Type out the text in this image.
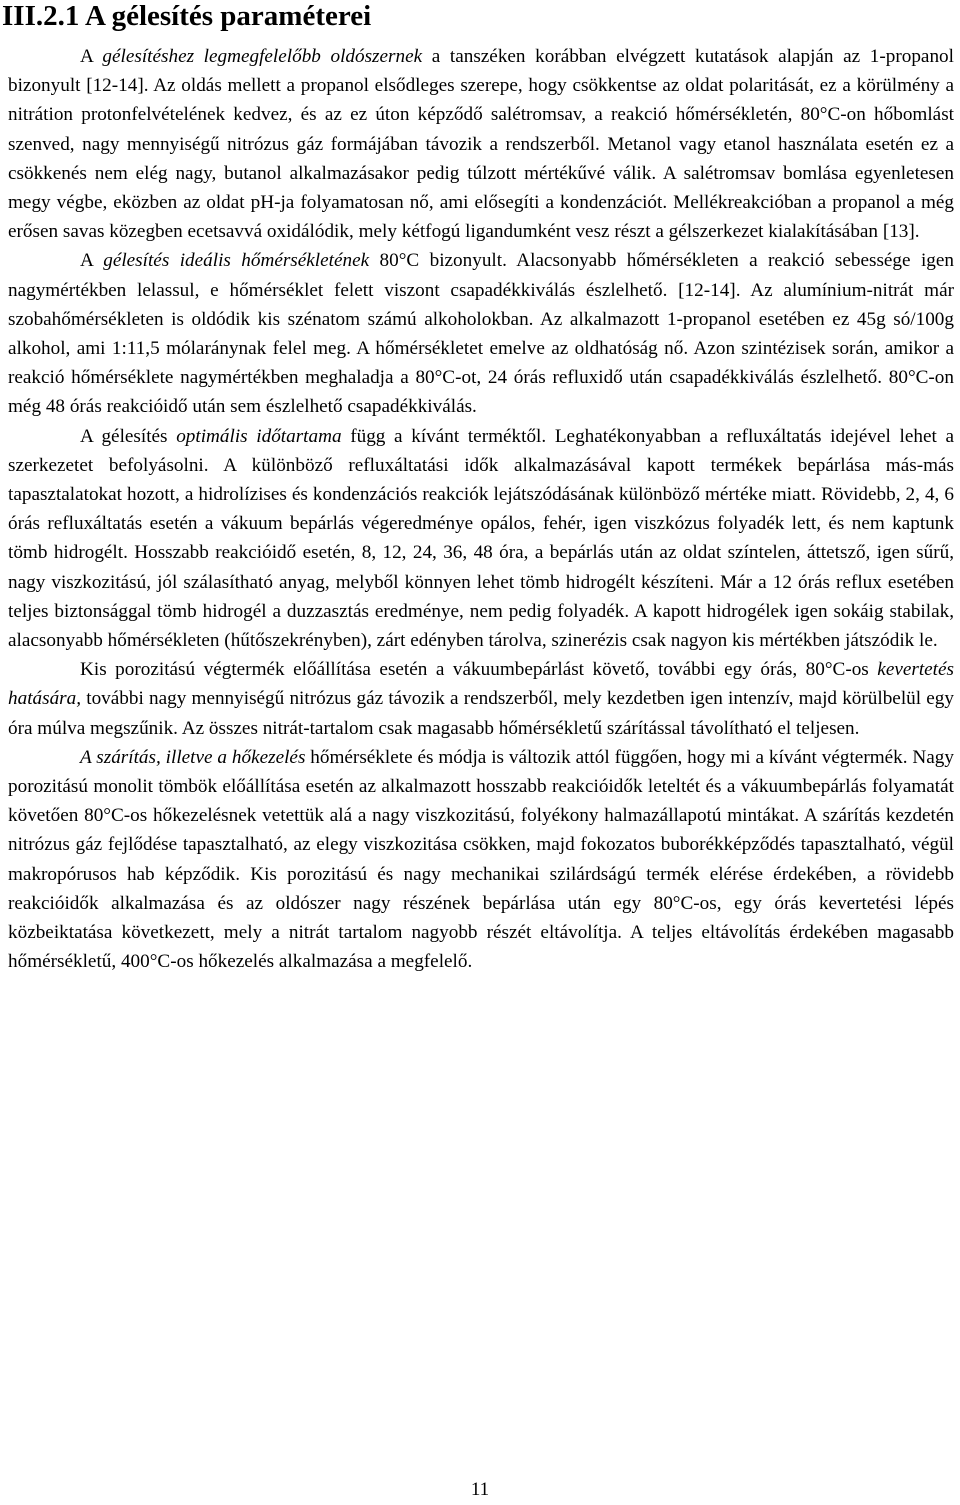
III.2.1 A gélesítés paraméterei

A gélesítéshez legmegfelelőbb oldószernek a tanszéken korábban elvégzett kutatások alapján az 1-propanol bizonyult [12-14]. Az oldás mellett a propanol elsődleges szerepe, hogy csökkentse az oldat polaritását, ez a körülmény a nitrátion protonfelvételének kedvez, és az ez úton képződő salétromsav, a reakció hőmérsékletén, 80°C-on hőbomlást szenved, nagy mennyiségű nitrózus gáz formájában távozik a rendszerből. Metanol vagy etanol használata esetén ez a csökkenés nem elég nagy, butanol alkalmazásakor pedig túlzott mértékűvé válik. A salétromsav bomlása egyenletesen megy végbe, eközben az oldat pH-ja folyamatosan nő, ami elősegíti a kondenzációt. Mellékreakcióban a propanol a még erősen savas közegben ecetsavvá oxidálódik, mely kétfogú ligandumként vesz részt a gélszerkezet kialakításában [13].

A gélesítés ideális hőmérsékletének 80°C bizonyult. Alacsonyabb hőmérsékleten a reakció sebessége igen nagymértékben lelassul, e hőmérséklet felett viszont csapadékkiválás észlelhető. [12-14]. Az alumínium-nitrát már szobahőmérsékleten is oldódik kis szénatom számú alkoholokban. Az alkalmazott 1-propanol esetében ez 45g só/100g alkohol, ami 1:11,5 mólaránynak felel meg. A hőmérsékletet emelve az oldhatóság nő. Azon szintézisek során, amikor a reakció hőmérséklete nagymértékben meghaladja a 80°C-ot, 24 órás refluxidő után csapadékkiválás észlelhető. 80°C-on még 48 órás reakcióidő után sem észlelhető csapadékkiválás.

A gélesítés optimális időtartama függ a kívánt terméktől. Leghatékonyabban a refluxáltatás idejével lehet a szerkezetet befolyásolni. A különböző refluxáltatási idők alkalmazásával kapott termékek bepárlása más-más tapasztalatokat hozott, a hidrolízises és kondenzációs reakciók lejátszódásának különböző mértéke miatt. Rövidebb, 2, 4, 6 órás refluxáltatás esetén a vákuum bepárlás végeredménye opálos, fehér, igen viszkózus folyadék lett, és nem kaptunk tömb hidrogélt. Hosszabb reakcióidő esetén, 8, 12, 24, 36, 48 óra, a bepárlás után az oldat színtelen, áttetsző, igen sűrű, nagy viszkozitású, jól szálasítható anyag, melyből könnyen lehet tömb hidrogélt készíteni. Már a 12 órás reflux esetében teljes biztonsággal tömb hidrogél a duzzasztás eredménye, nem pedig folyadék. A kapott hidrogélek igen sokáig stabilak, alacsonyabb hőmérsékleten (hűtőszekrényben), zárt edényben tárolva, szinerézis csak nagyon kis mértékben játszódik le.

Kis porozitású végtermék előállítása esetén a vákuumbepárlást követő, további egy órás, 80°C-os kevertetés hatására, további nagy mennyiségű nitrózus gáz távozik a rendszerből, mely kezdetben igen intenzív, majd körülbelül egy óra múlva megszűnik. Az összes nitrát-tartalom csak magasabb hőmérsékletű szárítással távolítható el teljesen.

A szárítás, illetve a hőkezelés hőmérséklete és módja is változik attól függően, hogy mi a kívánt végtermék. Nagy porozitású monolit tömbök előállítása esetén az alkalmazott hosszabb reakcióidők leteltét és a vákuumbepárlás folyamatát követően 80°C-os hőkezelésnek vetettük alá a nagy viszkozitású, folyékony halmazállapotú mintákat. A szárítás kezdetén nitrózus gáz fejlődése tapasztalható, az elegy viszkozitása csökken, majd fokozatos buborékképződés tapasztalható, végül makropórusos hab képződik. Kis porozitású és nagy mechanikai szilárdságú termék elérése érdekében, a rövidebb reakcióidők alkalmazása és az oldószer nagy részének bepárlása után egy 80°C-os, egy órás kevertetési lépés közbeiktatása következett, mely a nitrát tartalom nagyobb részét eltávolítja. A teljes eltávolítás érdekében magasabb hőmérsékletű, 400°C-os hőkezelés alkalmazása a megfelelő.

11
